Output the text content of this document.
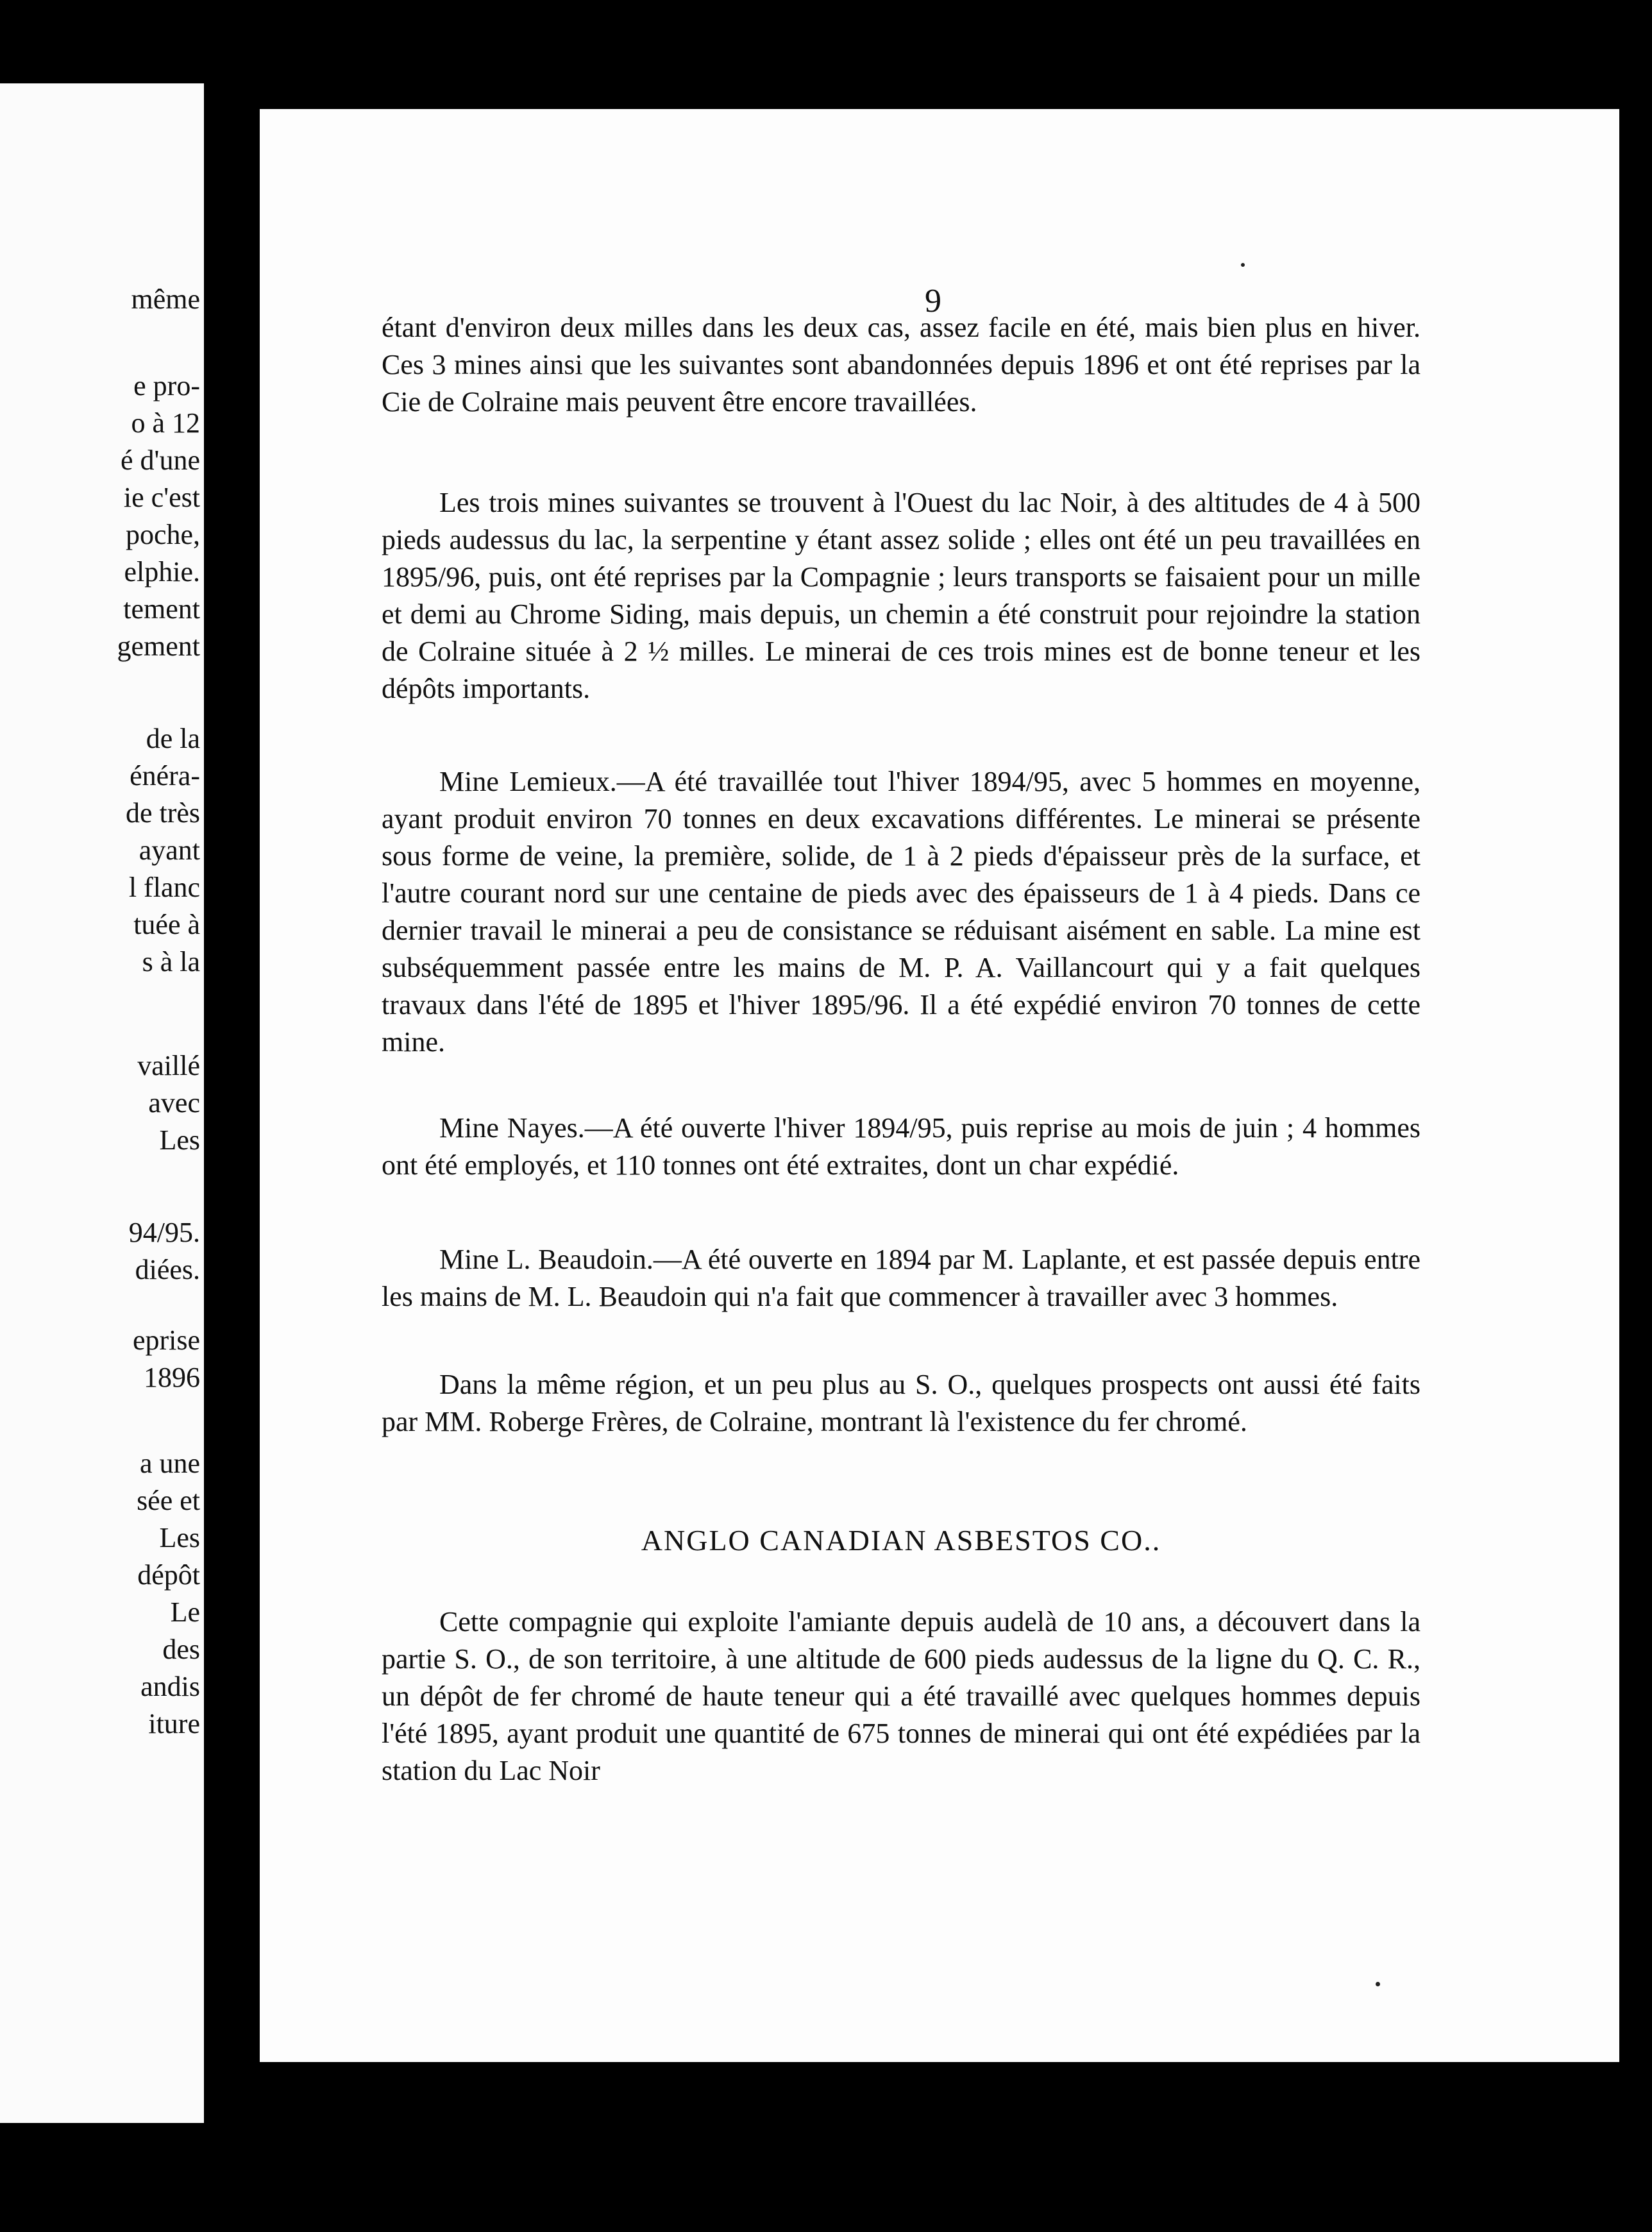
même
e pro-
o à 12
é d'une
ie c'est
poche,
elphie.
tement
gement
de la
énéra-
de très
ayant
l flanc
tuée à
s à la
vaillé
avec
Les
94/95.
diées.
eprise
1896
a une
sée et
Les
dépôt
Le
des
andis
iture
9

étant d'environ deux milles dans les deux cas, assez facile en été, mais bien plus en hiver. Ces 3 mines ainsi que les suivantes sont abandonnées depuis 1896 et ont été reprises par la Cie de Colraine mais peuvent être encore travaillées.

Les trois mines suivantes se trouvent à l'Ouest du lac Noir, à des altitudes de 4 à 500 pieds audessus du lac, la serpentine y étant assez solide ; elles ont été un peu travaillées en 1895/96, puis, ont été reprises par la Compagnie ; leurs transports se faisaient pour un mille et demi au Chrome Siding, mais depuis, un chemin a été construit pour rejoindre la station de Colraine située à 2 ½ milles. Le minerai de ces trois mines est de bonne teneur et les dépôts importants.

Mine Lemieux.—A été travaillée tout l'hiver 1894/95, avec 5 hommes en moyenne, ayant produit environ 70 tonnes en deux excavations différentes. Le minerai se présente sous forme de veine, la première, solide, de 1 à 2 pieds d'épaisseur près de la surface, et l'autre courant nord sur une centaine de pieds avec des épaisseurs de 1 à 4 pieds. Dans ce dernier travail le minerai a peu de consistance se réduisant aisément en sable. La mine est subséquemment passée entre les mains de M. P. A. Vaillancourt qui y a fait quelques travaux dans l'été de 1895 et l'hiver 1895/96. Il a été expédié environ 70 tonnes de cette mine.

Mine Nayes.—A été ouverte l'hiver 1894/95, puis reprise au mois de juin ; 4 hommes ont été employés, et 110 tonnes ont été extraites, dont un char expédié.

Mine L. Beaudoin.—A été ouverte en 1894 par M. Laplante, et est passée depuis entre les mains de M. L. Beaudoin qui n'a fait que commencer à travailler avec 3 hommes.

Dans la même région, et un peu plus au S. O., quelques prospects ont aussi été faits par MM. Roberge Frères, de Colraine, montrant là l'existence du fer chromé.

ANGLO CANADIAN ASBESTOS CO..

Cette compagnie qui exploite l'amiante depuis audelà de 10 ans, a découvert dans la partie S. O., de son territoire, à une altitude de 600 pieds audessus de la ligne du Q. C. R., un dépôt de fer chromé de haute teneur qui a été travaillé avec quelques hommes depuis l'été 1895, ayant produit une quantité de 675 tonnes de minerai qui ont été expédiées par la station du Lac Noir
